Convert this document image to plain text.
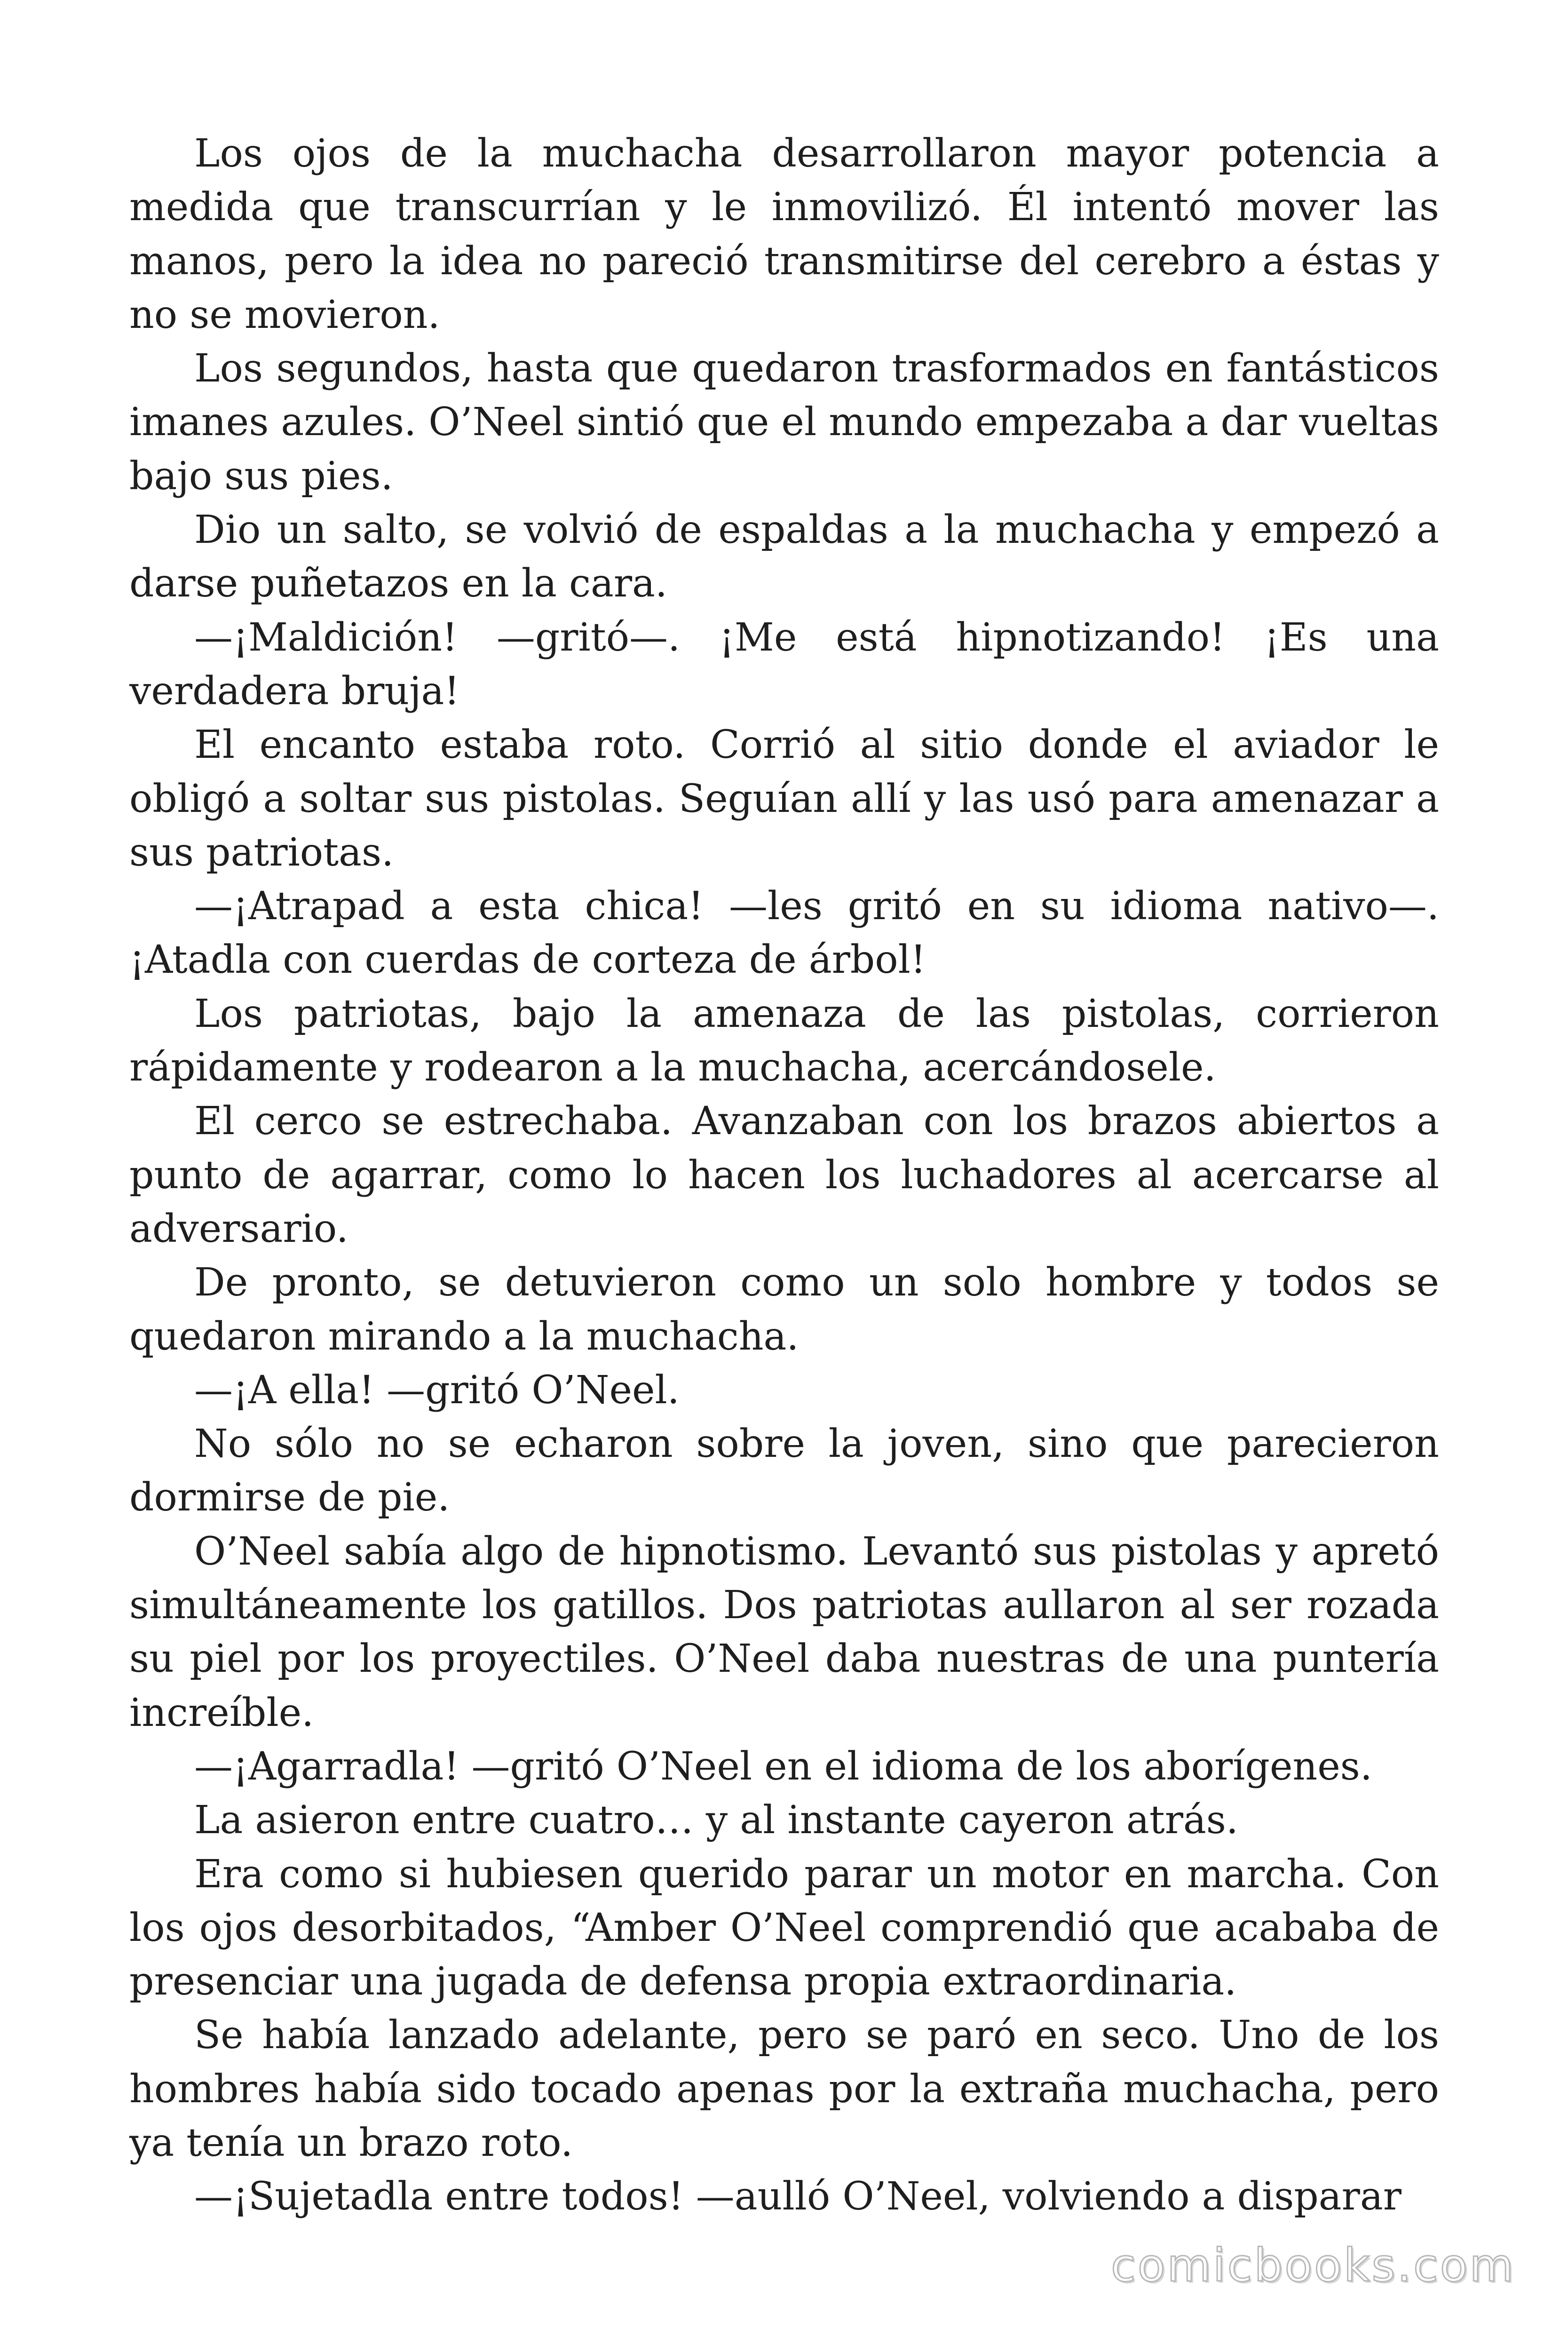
Los ojos de la muchacha desarrollaron mayor potencia a medida que transcurrían y le inmovilizó. Él intentó mover las manos, pero la idea no pareció transmitirse del cerebro a éstas y no se movieron.

Los segundos, hasta que quedaron trasformados en fantásticos imanes azules. O’Neel sintió que el mundo empezaba a dar vueltas bajo sus pies.

Dio un salto, se volvió de espaldas a la muchacha y empezó a darse puñetazos en la cara.

—¡Maldición! —gritó—. ¡Me está hipnotizando! ¡Es una verdadera bruja!

El encanto estaba roto. Corrió al sitio donde el aviador le obligó a soltar sus pistolas. Seguían allí y las usó para amenazar a sus patriotas.

—¡Atrapad a esta chica! —les gritó en su idioma nativo—. ¡Atadla con cuerdas de corteza de árbol!

Los patriotas, bajo la amenaza de las pistolas, corrieron rápidamente y rodearon a la muchacha, acercándosele.

El cerco se estrechaba. Avanzaban con los brazos abiertos a punto de agarrar, como lo hacen los luchadores al acercarse al adversario.

De pronto, se detuvieron como un solo hombre y todos se quedaron mirando a la muchacha.

—¡A ella! —gritó O’Neel.

No sólo no se echaron sobre la joven, sino que parecieron dormirse de pie.

O’Neel sabía algo de hipnotismo. Levantó sus pistolas y apretó simultáneamente los gatillos. Dos patriotas aullaron al ser rozada su piel por los proyectiles. O’Neel daba nuestras de una puntería increíble.

—¡Agarradla! —gritó O’Neel en el idioma de los aborígenes.

La asieron entre cuatro… y al instante cayeron atrás.

Era como si hubiesen querido parar un motor en marcha. Con los ojos desorbitados, “Amber O’Neel comprendió que acababa de presenciar una jugada de defensa propia extraordinaria.

Se había lanzado adelante, pero se paró en seco. Uno de los hombres había sido tocado apenas por la extraña muchacha, pero ya tenía un brazo roto.

—¡Sujetadla entre todos! —aulló O’Neel, volviendo a disparar

comicbooks.com
